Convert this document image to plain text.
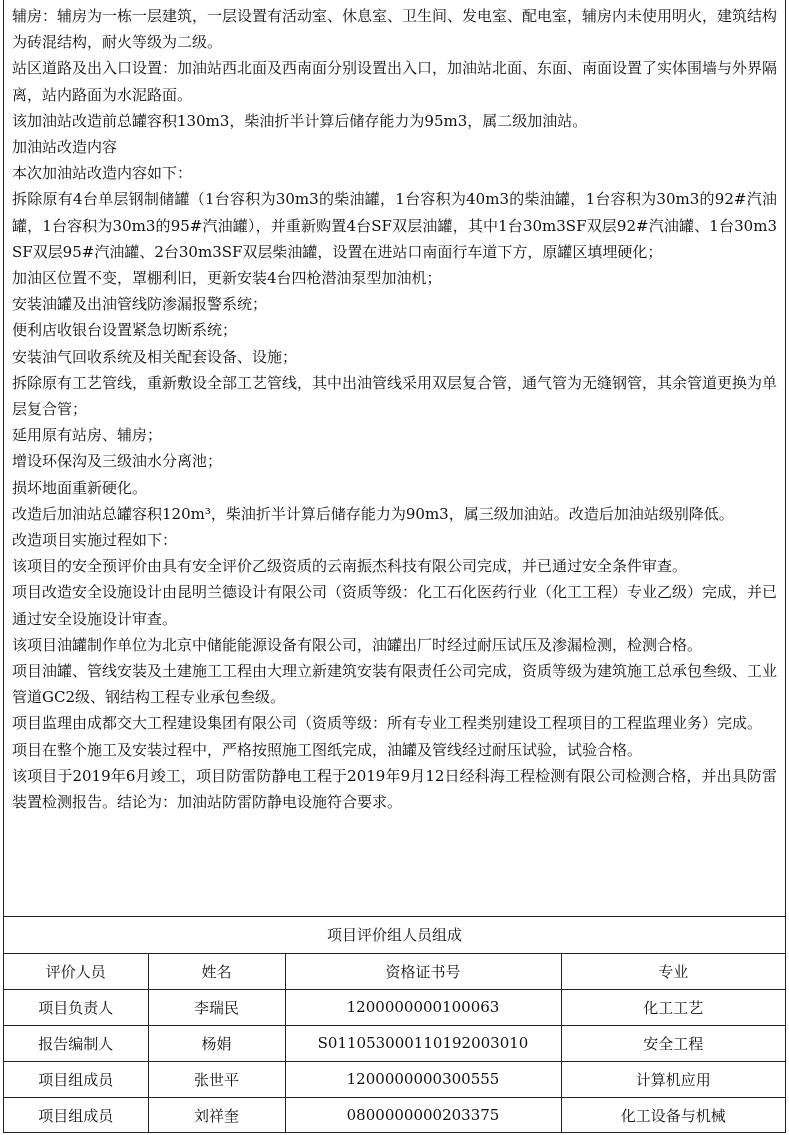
辅房：辅房为一栋一层建筑，一层设置有活动室、休息室、卫生间、发电室、配电室，辅房内未使用明火，建筑结构为砖混结构，耐火等级为二级。

站区道路及出入口设置：加油站西北面及西南面分别设置出入口，加油站北面、东面、南面设置了实体围墙与外界隔离，站内路面为水泥路面。

该加油站改造前总罐容积130m3，柴油折半计算后储存能力为95m3，属二级加油站。

加油站改造内容

本次加油站改造内容如下：

拆除原有4台单层钢制储罐（1台容积为30m3的柴油罐，1台容积为40m3的柴油罐，1台容积为30m3的92#汽油罐，1台容积为30m3的95#汽油罐），并重新购置4台SF双层油罐，其中1台30m3SF双层92#汽油罐、1台30m3SF双层95#汽油罐、2台30m3SF双层柴油罐，设置在进站口南面行车道下方，原罐区填埋硬化；

加油区位置不变，罩棚利旧，更新安装4台四枪潜油泵型加油机；

安装油罐及出油管线防渗漏报警系统；

便利店收银台设置紧急切断系统；

安装油气回收系统及相关配套设备、设施；

拆除原有工艺管线，重新敷设全部工艺管线，其中出油管线采用双层复合管，通气管为无缝钢管，其余管道更换为单层复合管；

延用原有站房、辅房；

增设环保沟及三级油水分离池；

损坏地面重新硬化。

改造后加油站总罐容积120m³，柴油折半计算后储存能力为90m3，属三级加油站。改造后加油站级别降低。

改造项目实施过程如下：

该项目的安全预评价由具有安全评价乙级资质的云南振杰科技有限公司完成，并已通过安全条件审查。

项目改造安全设施设计由昆明兰德设计有限公司（资质等级：化工石化医药行业（化工工程）专业乙级）完成，并已通过安全设施设计审查。

该项目油罐制作单位为北京中储能能源设备有限公司，油罐出厂时经过耐压试压及渗漏检测，检测合格。

项目油罐、管线安装及土建施工工程由大理立新建筑安装有限责任公司完成，资质等级为建筑施工总承包叁级、工业管道GC2级、钢结构工程专业承包叁级。

项目监理由成都交大工程建设集团有限公司（资质等级：所有专业工程类别建设工程项目的工程监理业务）完成。

项目在整个施工及安装过程中，严格按照施工图纸完成，油罐及管线经过耐压试验，试验合格。

该项目于2019年6月竣工，项目防雷防静电工程于2019年9月12日经科海工程检测有限公司检测合格，并出具防雷装置检测报告。结论为：加油站防雷防静电设施符合要求。

项目评价组人员组成			
评价人员	姓名	资格证书号	专业
项目负责人	李瑞民	1200000000100063	化工工艺
报告编制人	杨娟	S011053000110192003010	安全工程
项目组成员	张世平	1200000000300555	计算机应用
项目组成员	刘祥奎	0800000000203375	化工设备与机械
